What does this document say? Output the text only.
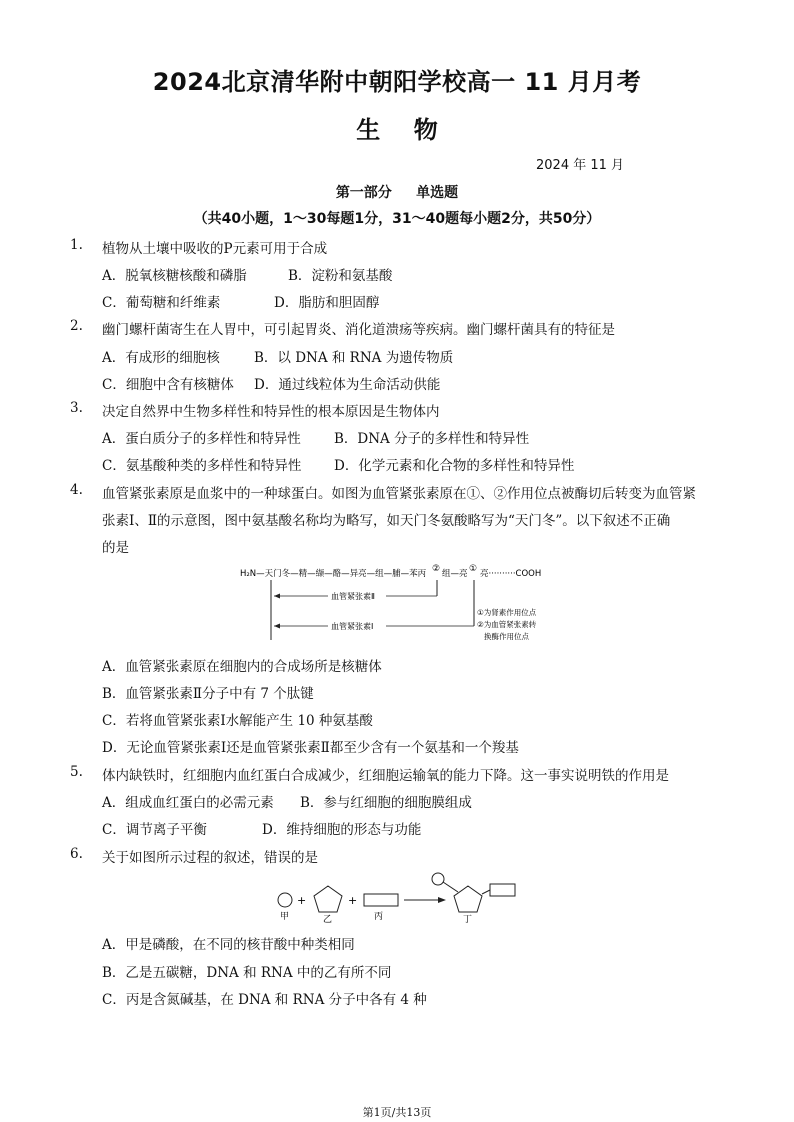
2024北京清华附中朝阳学校高一 11 月月考
生    物
2024 年 11 月
第一部分     单选题
（共40小题，1～30每题1分，31～40题每小题2分，共50分）
1. 植物从土壤中吸收的P元素可用于合成
A．脱氧核糖核酸和磷脂	B．淀粉和氨基酸
C．葡萄糖和纤维素	D．脂肪和胆固醇
2. 幽门螺杆菌寄生在人胃中，可引起胃炎、消化道溃疡等疾病。幽门螺杆菌具有的特征是
A．有成形的细胞核	B．以 DNA 和 RNA 为遗传物质
C．细胞中含有核糖体 D．通过线粒体为生命活动供能
3. 决定自然界中生物多样性和特异性的根本原因是生物体内
A．蛋白质分子的多样性和特异性 B．DNA 分子的多样性和特异性
C．氨基酸种类的多样性和特异性 D．化学元素和化合物的多样性和特异性
4. 血管紧张素原是血浆中的一种球蛋白。如图为血管紧张素原在①、②作用位点被酶切后转变为血管紧
张素Ⅰ、Ⅱ的示意图，图中氨基酸名称均为略写，如天门冬氨酸略写为“天门冬”。以下叙述不正确
的是
H₂N—天门冬—精—缬—酪—异亮—组—脯—苯丙 ② 组—亮 ① 亮··········COOH
血管紧张素Ⅱ
血管紧张素Ⅰ
①为肾素作用位点
②为血管紧张素转
换酶作用位点
A．血管紧张素原在细胞内的合成场所是核糖体
B．血管紧张素Ⅱ分子中有 7 个肽键
C．若将血管紧张素Ⅰ水解能产生 10 种氨基酸
D．无论血管紧张素Ⅰ还是血管紧张素Ⅱ都至少含有一个氨基和一个羧基
5. 体内缺铁时，红细胞内血红蛋白合成减少，红细胞运输氧的能力下降。这一事实说明铁的作用是
A．组成血红蛋白的必需元素 B．参与红细胞的细胞膜组成
C．调节离子平衡	D．维持细胞的形态与功能
6. 关于如图所示过程的叙述，错误的是
甲
+
乙
+
丙	丁
A．甲是磷酸，在不同的核苷酸中种类相同
B．乙是五碳糖，DNA 和 RNA 中的乙有所不同
C．丙是含氮碱基，在 DNA 和 RNA 分子中各有 4 种
第1页/共13页
